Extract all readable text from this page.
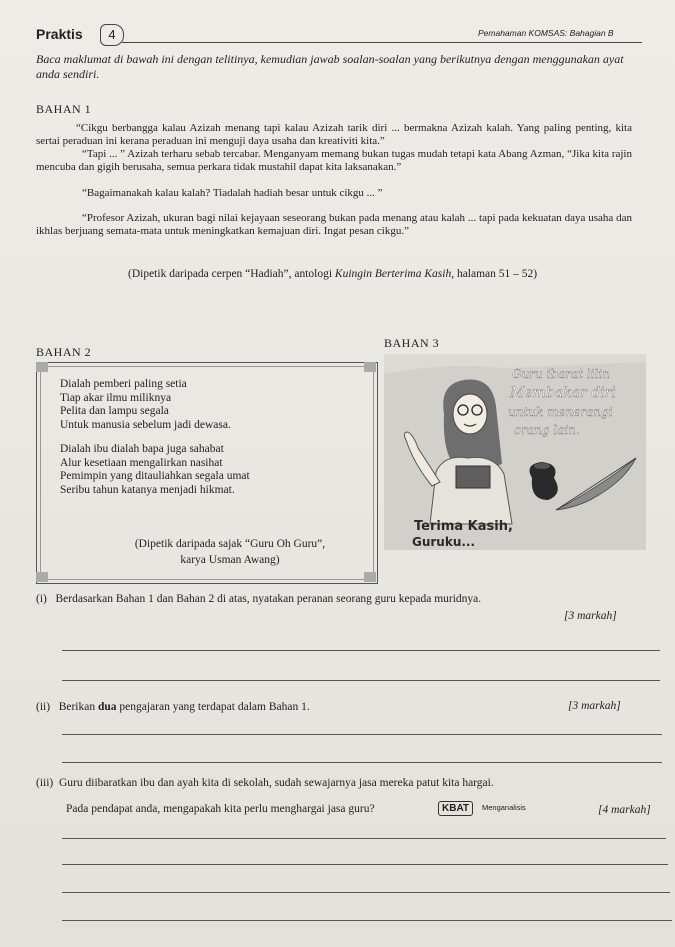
Praktis	4	Pemahaman KOMSAS: Bahagian B
Baca maklumat di bawah ini dengan telitinya, kemudian jawab soalan-soalan yang berikutnya dengan menggunakan ayat anda sendiri.
BAHAN 1
“Cikgu berbangga kalau Azizah menang tapi kalau Azizah tarik diri ... bermakna Azizah kalah. Yang paling penting, kita sertai peraduan ini kerana peraduan ini menguji daya usaha dan kreativiti kita.”
“Tapi ... ” Azizah terharu sebab tercabar. Menganyam memang bukan tugas mudah tetapi kata Abang Azman, “Jika kita rajin mencuba dan gigih berusaha, semua perkara tidak mustahil dapat kita laksanakan.”
“Bagaimanakah kalau kalah? Tiadalah hadiah besar untuk cikgu ... ”
“Profesor Azizah, ukuran bagi nilai kejayaan seseorang bukan pada menang atau kalah ... tapi pada kekuatan daya usaha dan ikhlas berjuang semata-mata untuk meningkatkan kemajuan diri. Ingat pesan cikgu.”
(Dipetik daripada cerpen “Hadiah”, antologi Kuingin Berterima Kasih, halaman 51 – 52)
BAHAN 2
BAHAN 3
Dialah pemberi paling setia
Tiap akar ilmu miliknya
Pelita dan lampu segala
Untuk manusia sebelum jadi dewasa.
Dialah ibu dialah bapa juga sahabat
Alur kesetiaan mengalirkan nasihat
Pemimpin yang ditauliahkan segala umat
Seribu tahun katanya menjadi hikmat.
(Dipetik daripada sajak “Guru Oh Guru”,
karya Usman Awang)
Guru ibarat lilin
Membakar diri
untuk menerangi
orang lain.
Terima Kasih,
Guruku...
(i) Berdasarkan Bahan 1 dan Bahan 2 di atas, nyatakan peranan seorang guru kepada muridnya.
[3 markah]
(ii) Berikan dua pengajaran yang terdapat dalam Bahan 1.	[3 markah]
(iii) Guru diibaratkan ibu dan ayah kita di sekolah, sudah sewajarnya jasa mereka patut kita hargai.
Pada pendapat anda, mengapakah kita perlu menghargai jasa guru?	KBAT	Menganalisis	[4 markah]
